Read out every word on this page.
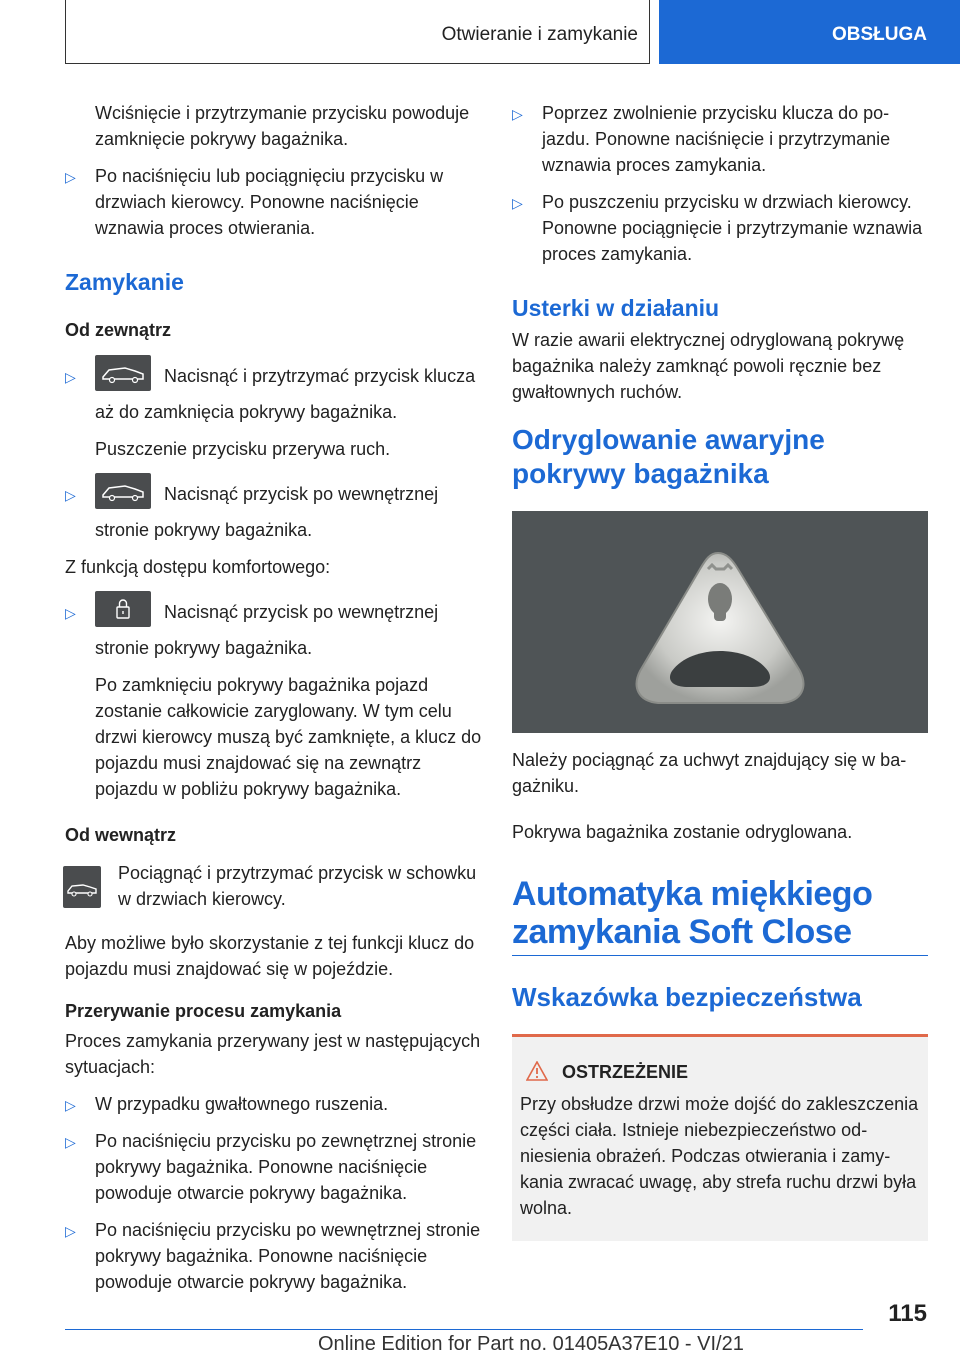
Otwieranie i zamykanie	OBSŁUGA

Wciśnięcie i przytrzymanie przycisku powoduje zamknięcie pokrywy bagażnika.

▷ Po naciśnięciu lub pociągnięciu przycisku w drzwiach kierowcy. Ponowne naciśnięcie wznawia proces otwierania.
Zamykanie
Od zewnątrz
▷	Nacisnąć i przytrzymać przycisk klucza aż do zamknięcia pokrywy bagażnika.

Puszczenie przycisku przerywa ruch.

▷	Nacisnąć przycisk po wewnętrznej stronie pokrywy bagażnika.

Z funkcją dostępu komfortowego:

▷	Nacisnąć przycisk po wewnętrznej stronie pokrywy bagażnika.

Po zamknięciu pokrywy bagażnika pojazd zostanie całkowicie zaryglowany. W tym celu drzwi kierowcy muszą być zamknięte, a klucz do pojazdu musi znajdować się na zewnątrz pojazdu w pobliżu pokrywy bagażnika.

Od wewnątrz
Pociągnąć i przytrzymać przycisk w schowku w drzwiach kierowcy.

Aby możliwe było skorzystanie z tej funkcji klucz do pojazdu musi znajdować się w pojeździe.

Przerywanie procesu zamykania

Proces zamykania przerywany jest w następujących sytuacjach:

▷ W przypadku gwałtownego ruszenia.
▷ Po naciśnięciu przycisku po zewnętrznej stronie pokrywy bagażnika. Ponowne naciśnięcie powoduje otwarcie pokrywy bagażnika.
▷ Po naciśnięciu przycisku po wewnętrznej stronie pokrywy bagażnika. Ponowne naciśnięcie powoduje otwarcie pokrywy bagażnika.
▷ Poprzez zwolnienie przycisku klucza do pojazdu. Ponowne naciśnięcie i przytrzymanie wznawia proces zamykania.
▷ Po puszczeniu przycisku w drzwiach kierowcy. Ponowne pociągnięcie i przytrzymanie wznawia proces zamykania.
Usterki w działaniu

W razie awarii elektrycznej odryglowaną pokrywę bagażnika należy zamknąć powoli ręcznie bez gwałtownych ruchów.

Odryglowanie awaryjne pokrywy bagażnika

Należy pociągnąć za uchwyt znajdujący się w bagażniku.

Pokrywa bagażnika zostanie odryglowana.

Automatyka miękkiego zamykania Soft Close
Wskazówka bezpieczeństwa
OSTRZEŻENIE

Przy obsłudze drzwi może dojść do zakleszczenia części ciała. Istnieje niebezpieczeństwo odniesienia obrażeń. Podczas otwierania i zamykania zwracać uwagę, aby strefa ruchu drzwi była wolna.

115
Online Edition for Part no. 01405A37E10 - VI/21
